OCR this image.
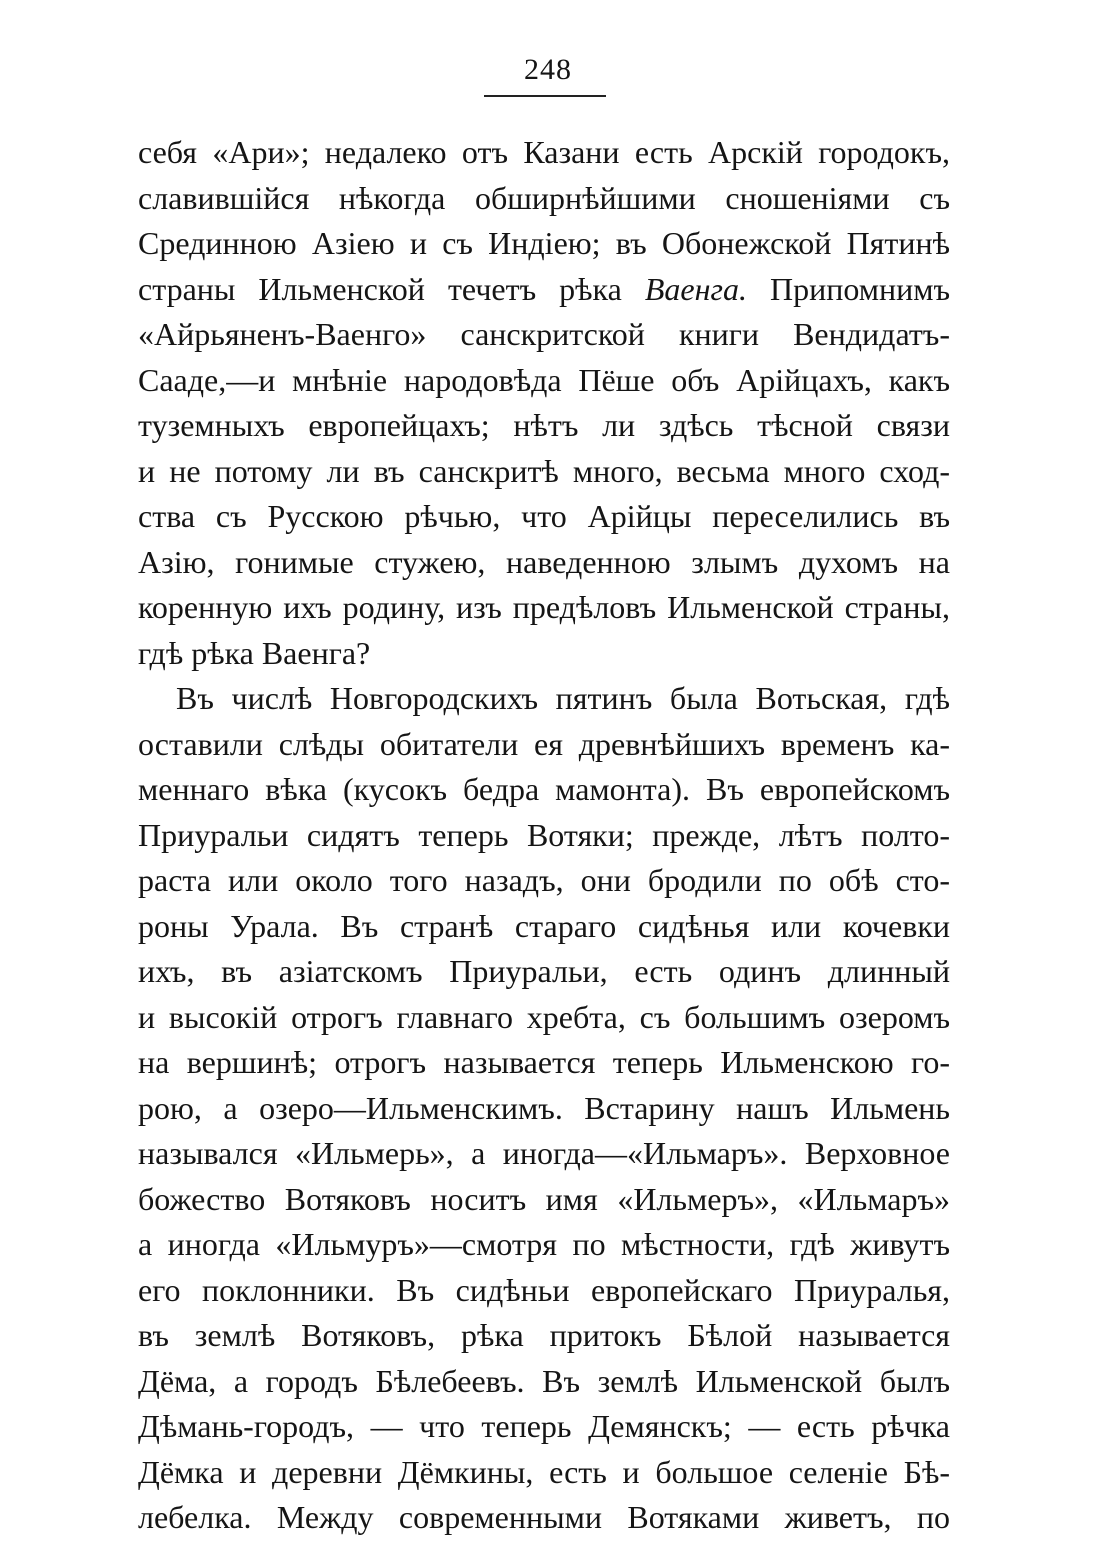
248
себя «Ари»; недалеко отъ Казани есть Арскiй городокъ,
славившiйся нѣкогда обширнѣйшими сношенiями съ
Срединною Азiею и съ Индiею; въ Обонежской Пятинѣ
страны Ильменской течетъ рѣка Ваенга. Припомнимъ
«Айрьяненъ-Ваенго» санскритской книги Вендидатъ-
Сааде,—и мнѣнiе народовѣда Пёше объ Арiйцахъ, какъ
туземныхъ европейцахъ; нѣтъ ли здѣсь тѣсной связи
и не потому ли въ санскритѣ много, весьма много сход-
ства съ Русскою рѣчью, что Арiйцы переселились въ
Азiю, гонимые стужею, наведенною злымъ духомъ на
коренную ихъ родину, изъ предѣловъ Ильменской страны,
гдѣ рѣка Ваенга?
Въ числѣ Новгородскихъ пятинъ была Вотьская, гдѣ
оставили слѣды обитатели ея древнѣйшихъ временъ ка-
меннаго вѣка (кусокъ бедра мамонта). Въ европейскомъ
Приуральи сидятъ теперь Вотяки; прежде, лѣтъ полто-
раста или около того назадъ, они бродили по обѣ сто-
роны Урала. Въ странѣ стараго сидѣнья или кочевки
ихъ, въ азiатскомъ Приуральи, есть одинъ длинный
и высокiй отрогъ главнаго хребта, съ большимъ озеромъ
на вершинѣ; отрогъ называется теперь Ильменскою го-
рою, а озеро—Ильменскимъ. Встарину нашъ Ильмень
назывался «Ильмерь», а иногда—«Ильмаръ». Верховное
божество Вотяковъ носитъ имя «Ильмеръ», «Ильмаръ»
а иногда «Ильмуръ»—смотря по мѣстности, гдѣ живутъ
его поклонники. Въ сидѣньи европейскаго Приуралья,
въ землѣ Вотяковъ, рѣка притокъ Бѣлой называется
Дёма, а городъ Бѣлебеевъ. Въ землѣ Ильменской былъ
Дѣмань-городъ, — что теперь Демянскъ; — есть рѣчка
Дёмка и деревни Дёмкины, есть и большое селенiе Бѣ-
лебелка. Между современными Вотяками живетъ, по
